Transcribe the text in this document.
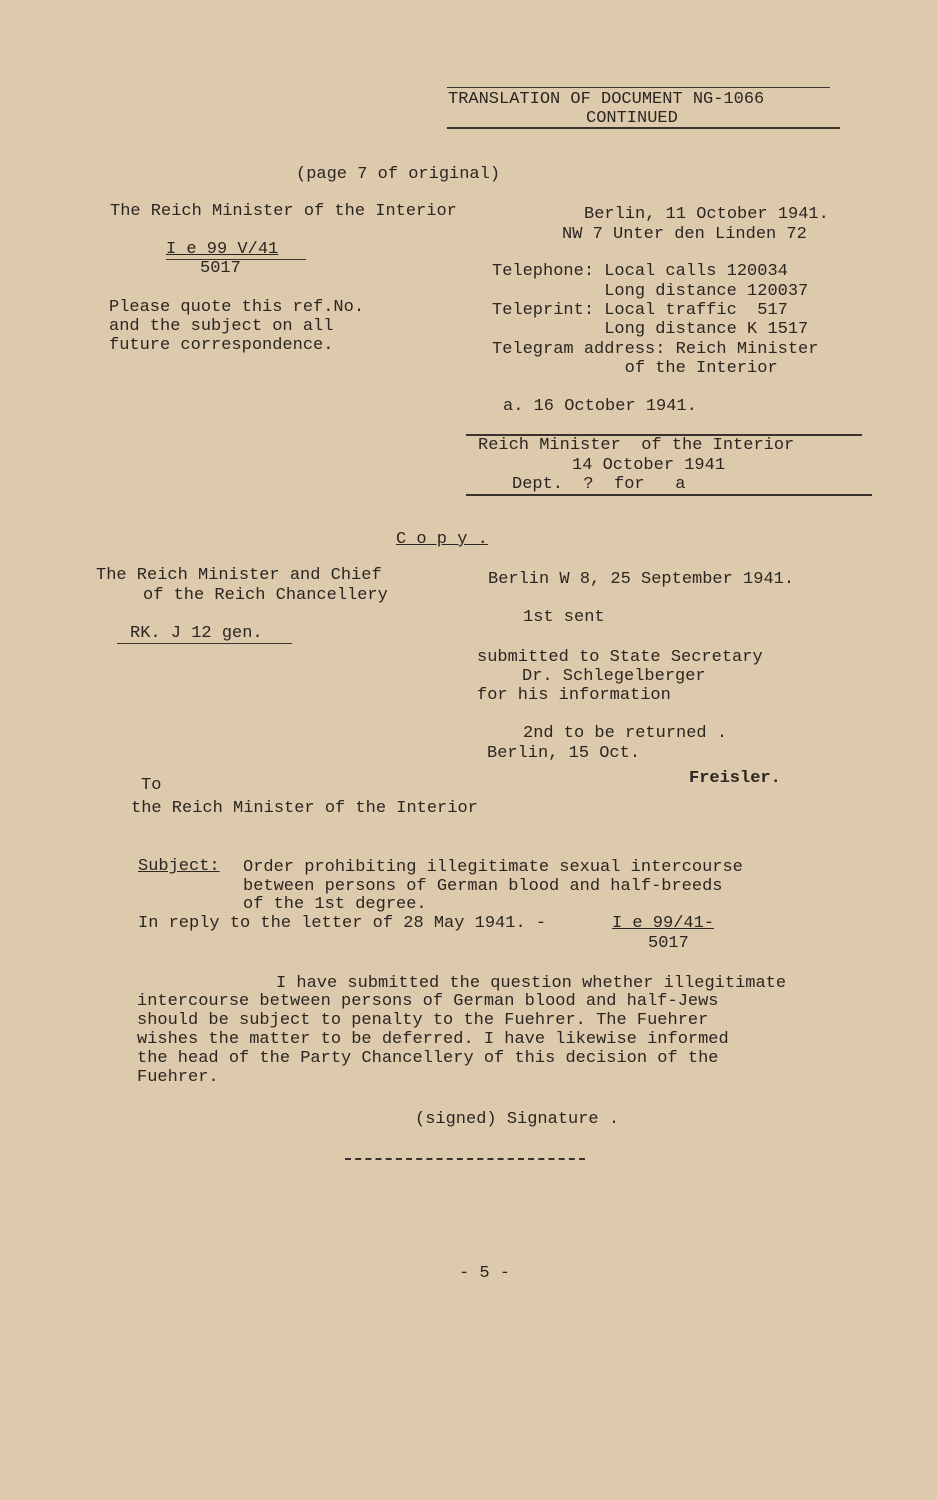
TRANSLATION OF DOCUMENT NG-1066
CONTINUED
(page 7 of original)
The Reich Minister of the Interior
I e 99 V/41
5017
Please quote this ref.No.
and the subject on all
future correspondence.
Berlin, 11 October 1941.
NW 7 Unter den Linden 72
Telephone: Local calls 120034
Long distance 120037
Teleprint: Local traffic  517
Long distance K 1517
Telegram address: Reich Minister
of the Interior
a. 16 October 1941.
Reich Minister  of the Interior
14 October 1941
Dept.  ?  for   a
C o p y .
The Reich Minister and Chief
of the Reich Chancellery
RK. J 12 gen.
Berlin W 8, 25 September 1941.
1st sent
submitted to State Secretary
Dr. Schlegelberger
for his information
2nd to be returned .
Berlin, 15 Oct.
Freisler.
To
the Reich Minister of the Interior
Subject: Order prohibiting illegitimate sexual intercourse
between persons of German blood and half-breeds
of the 1st degree.
In reply to the letter of 28 May 1941. -	I e 99/41-
5017
I have submitted the question whether illegitimate
intercourse between persons of German blood and half-Jews
should be subject to penalty to the Fuehrer. The Fuehrer
wishes the matter to be deferred. I have likewise informed
the head of the Party Chancellery of this decision of the
Fuehrer.
(signed) Signature .
- 5 -
